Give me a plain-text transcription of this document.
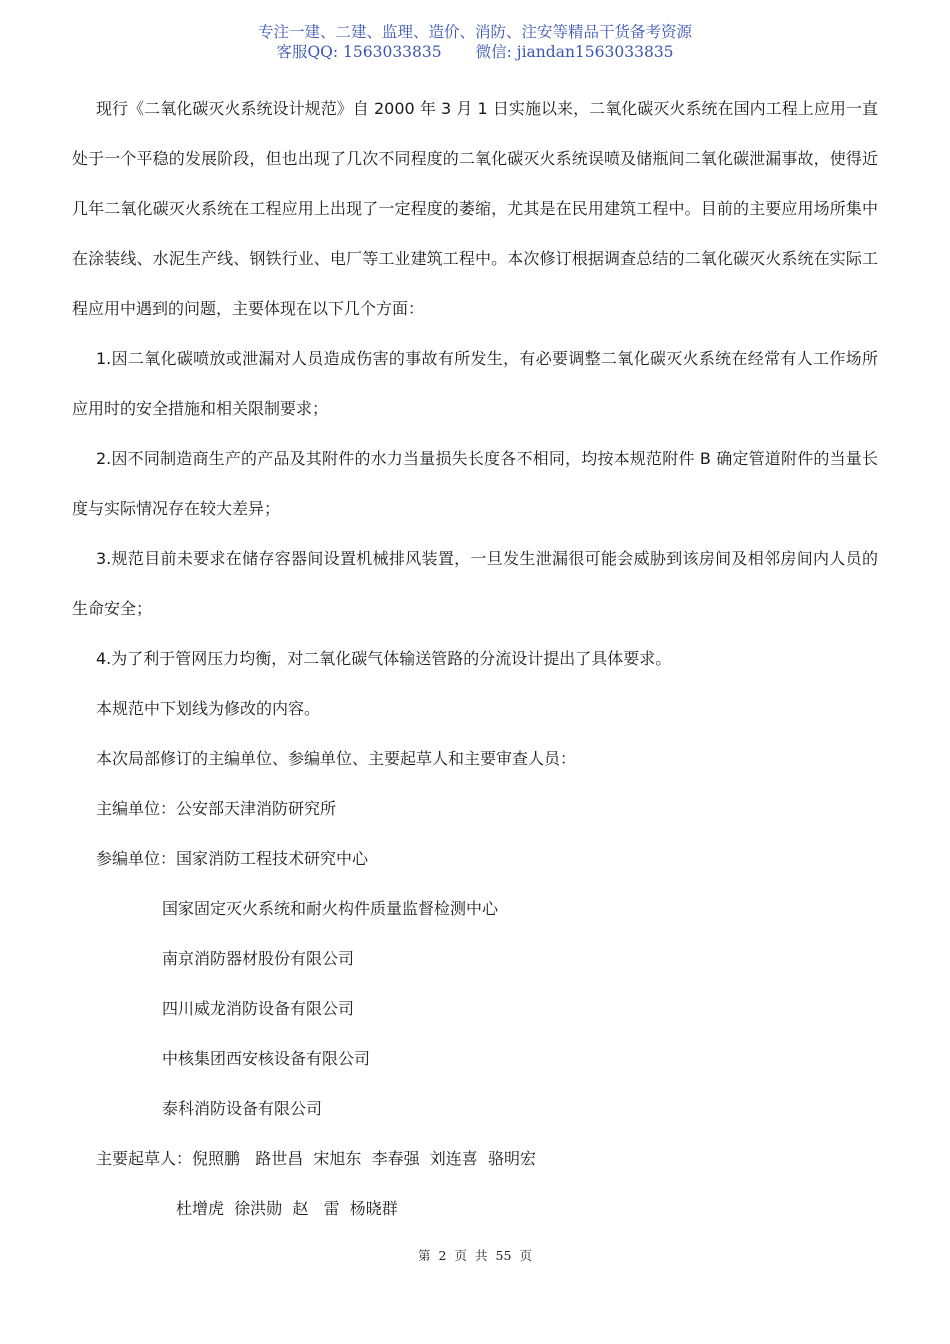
专注一建、二建、监理、造价、消防、注安等精品干货备考资源
客服QQ: 1563033835 微信: jiandan1563033835

现行《二氧化碳灭火系统设计规范》自 2000 年 3 月 1 日实施以来，二氧化碳灭火系统在国内工程上应用一直处于一个平稳的发展阶段，但也出现了几次不同程度的二氧化碳灭火系统误喷及储瓶间二氧化碳泄漏事故，使得近几年二氧化碳灭火系统在工程应用上出现了一定程度的萎缩，尤其是在民用建筑工程中。目前的主要应用场所集中在涂装线、水泥生产线、钢铁行业、电厂等工业建筑工程中。本次修订根据调查总结的二氧化碳灭火系统在实际工程应用中遇到的问题，主要体现在以下几个方面：

1.因二氧化碳喷放或泄漏对人员造成伤害的事故有所发生，有必要调整二氧化碳灭火系统在经常有人工作场所应用时的安全措施和相关限制要求；

2.因不同制造商生产的产品及其附件的水力当量损失长度各不相同，均按本规范附件 B 确定管道附件的当量长度与实际情况存在较大差异；

3.规范目前未要求在储存容器间设置机械排风装置，一旦发生泄漏很可能会威胁到该房间及相邻房间内人员的生命安全；

4.为了利于管网压力均衡，对二氧化碳气体输送管路的分流设计提出了具体要求。

本规范中下划线为修改的内容。

本次局部修订的主编单位、参编单位、主要起草人和主要审查人员：

主编单位：公安部天津消防研究所

参编单位：国家消防工程技术研究中心

国家固定灭火系统和耐火构件质量监督检测中心

南京消防器材股份有限公司

四川威龙消防设备有限公司

中核集团西安核设备有限公司

泰科消防设备有限公司

主要起草人：倪照鹏   路世昌  宋旭东  李春强  刘连喜  骆明宏

杜增虎  徐洪勋  赵   雷  杨晓群

第 2 页 共 55 页
